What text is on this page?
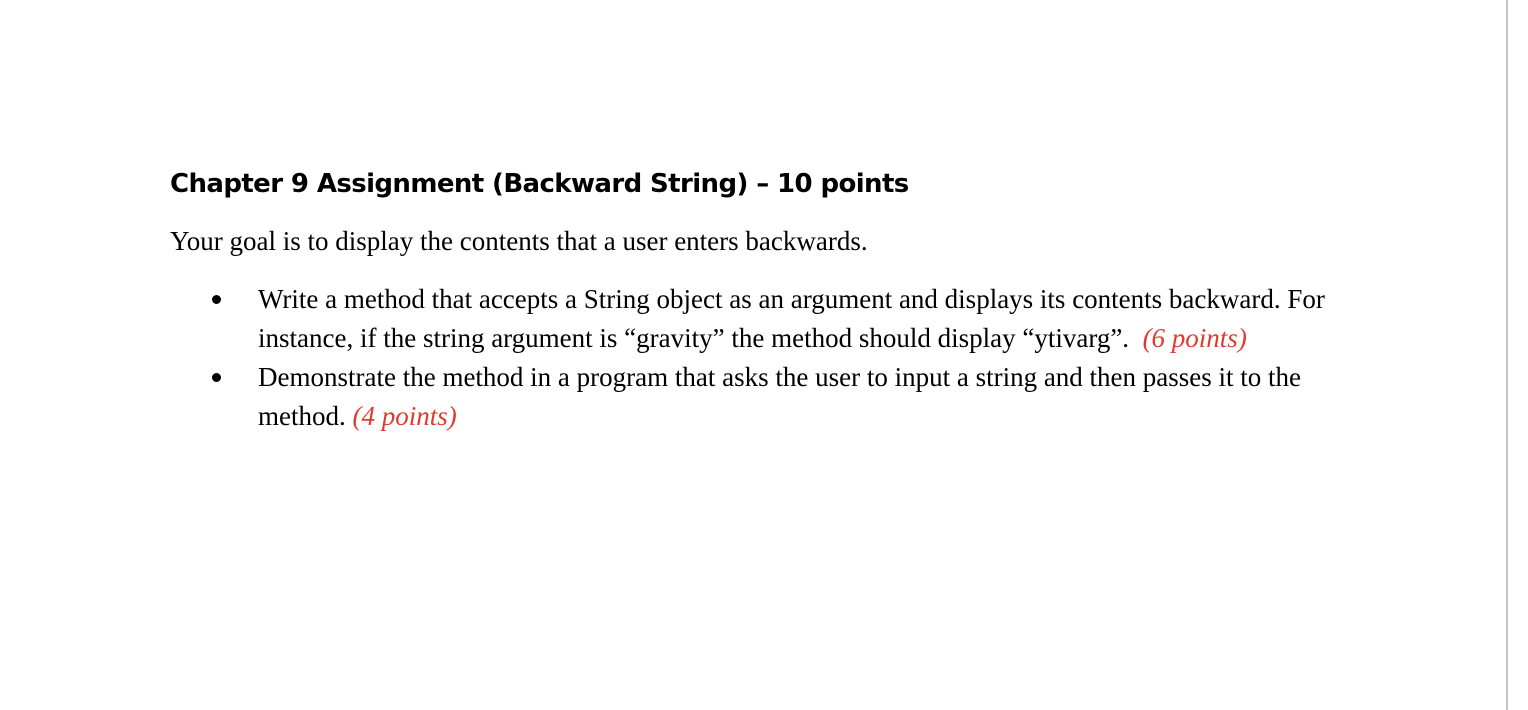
Chapter 9 Assignment (Backward String) – 10 points

Your goal is to display the contents that a user enters backwards.

Write a method that accepts a String object as an argument and displays its contents backward. For instance, if the string argument is “gravity” the method should display “ytivarg”. (6 points)
Demonstrate the method in a program that asks the user to input a string and then passes it to the method. (4 points)
